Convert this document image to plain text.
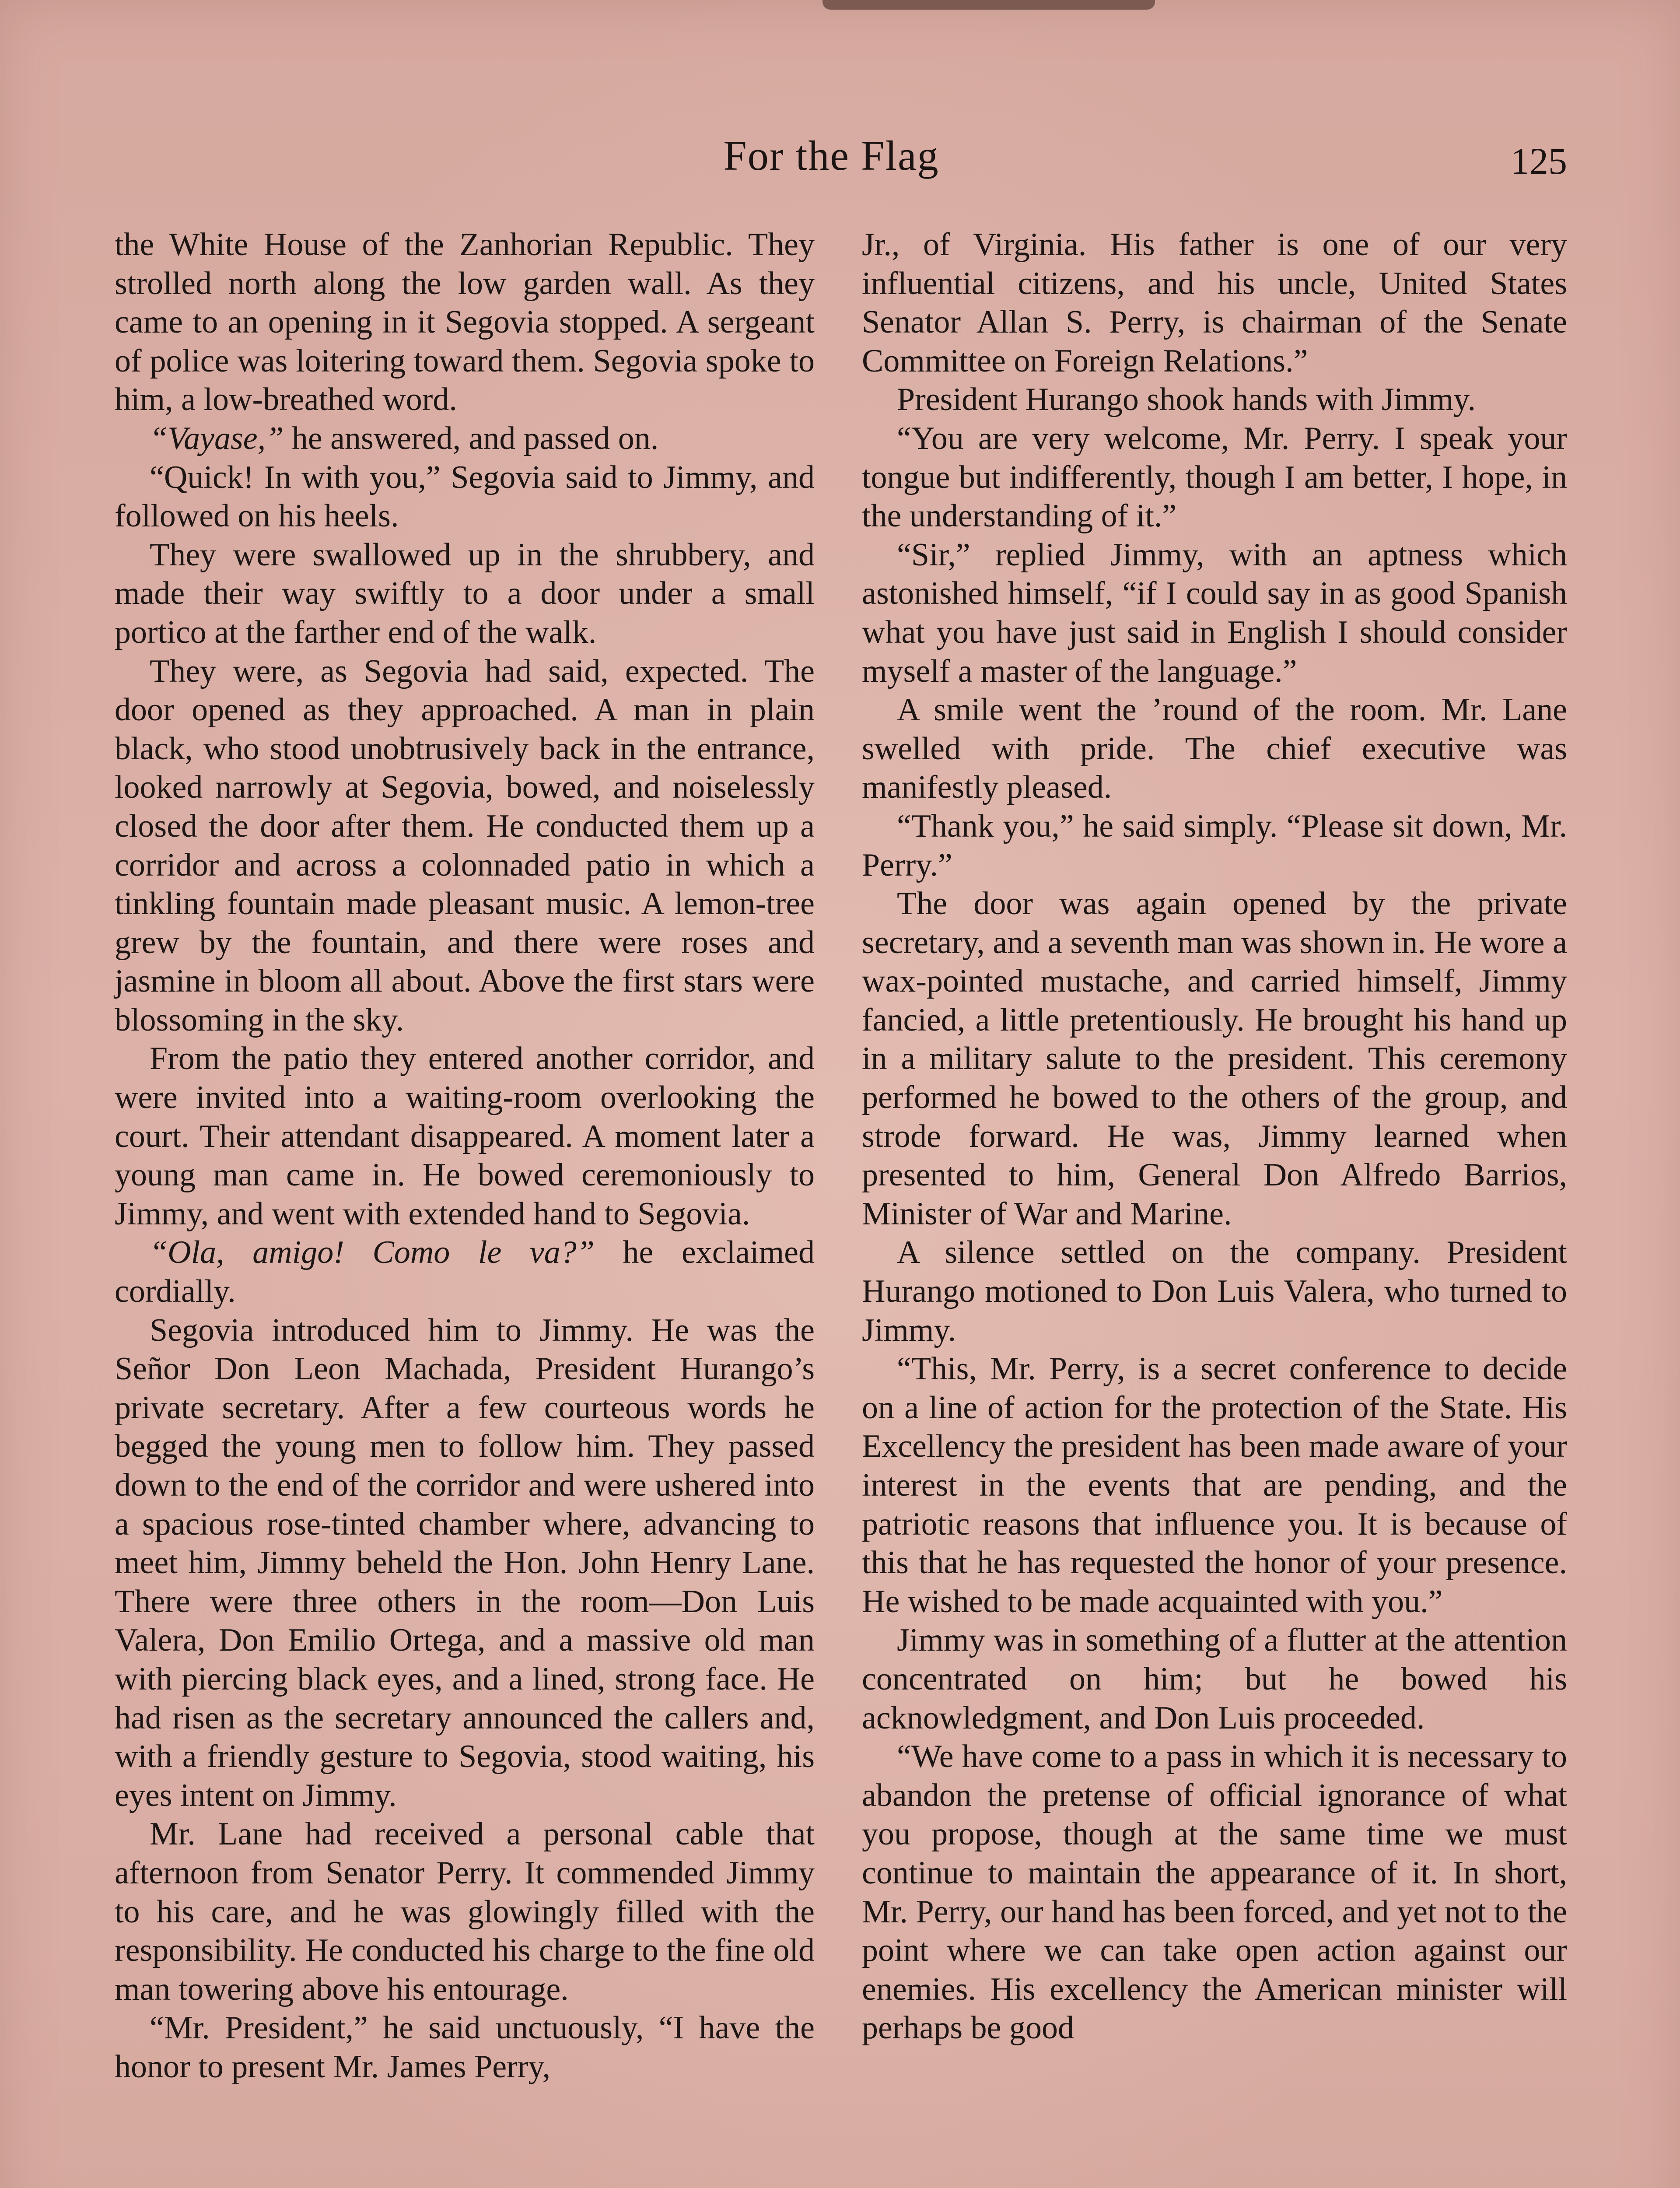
For the Flag	125

the White House of the Zanhorian Republic. They strolled north along the low garden wall. As they came to an opening in it Segovia stopped. A sergeant of police was loitering toward them. Segovia spoke to him, a low-breathed word.

“Vayase,” he answered, and passed on.

“Quick! In with you,” Segovia said to Jimmy, and followed on his heels.

They were swallowed up in the shrubbery, and made their way swiftly to a door under a small portico at the farther end of the walk.

They were, as Segovia had said, expected. The door opened as they approached. A man in plain black, who stood unobtrusively back in the entrance, looked narrowly at Segovia, bowed, and noiselessly closed the door after them. He conducted them up a corridor and across a colonnaded patio in which a tinkling fountain made pleasant music. A lemon-tree grew by the fountain, and there were roses and jasmine in bloom all about. Above the first stars were blossoming in the sky.

From the patio they entered another corridor, and were invited into a waiting-room overlooking the court. Their attendant disappeared. A moment later a young man came in. He bowed ceremoniously to Jimmy, and went with extended hand to Segovia.

“Ola, amigo! Como le va?” he exclaimed cordially.

Segovia introduced him to Jimmy. He was the Señor Don Leon Machada, President Hurango’s private secretary. After a few courteous words he begged the young men to follow him. They passed down to the end of the corridor and were ushered into a spacious rose-tinted chamber where, advancing to meet him, Jimmy beheld the Hon. John Henry Lane. There were three others in the room—Don Luis Valera, Don Emilio Ortega, and a massive old man with piercing black eyes, and a lined, strong face. He had risen as the secretary announced the callers and, with a friendly gesture to Segovia, stood waiting, his eyes intent on Jimmy.

Mr. Lane had received a personal cable that afternoon from Senator Perry. It commended Jimmy to his care, and he was glowingly filled with the responsibility. He conducted his charge to the fine old man towering above his entourage.

“Mr. President,” he said unctuously, “I have the honor to present Mr. James Perry,

Jr., of Virginia. His father is one of our very influential citizens, and his uncle, United States Senator Allan S. Perry, is chairman of the Senate Committee on Foreign Relations.”

President Hurango shook hands with Jimmy.

“You are very welcome, Mr. Perry. I speak your tongue but indifferently, though I am better, I hope, in the understanding of it.”

“Sir,” replied Jimmy, with an aptness which astonished himself, “if I could say in as good Spanish what you have just said in English I should consider myself a master of the language.”

A smile went the ’round of the room. Mr. Lane swelled with pride. The chief executive was manifestly pleased.

“Thank you,” he said simply. “Please sit down, Mr. Perry.”

The door was again opened by the private secretary, and a seventh man was shown in. He wore a wax-pointed mustache, and carried himself, Jimmy fancied, a little pretentiously. He brought his hand up in a military salute to the president. This ceremony performed he bowed to the others of the group, and strode forward. He was, Jimmy learned when presented to him, General Don Alfredo Barrios, Minister of War and Marine.

A silence settled on the company. President Hurango motioned to Don Luis Valera, who turned to Jimmy.

“This, Mr. Perry, is a secret conference to decide on a line of action for the protection of the State. His Excellency the president has been made aware of your interest in the events that are pending, and the patriotic reasons that influence you. It is because of this that he has requested the honor of your presence. He wished to be made acquainted with you.”

Jimmy was in something of a flutter at the attention concentrated on him; but he bowed his acknowledgment, and Don Luis proceeded.

“We have come to a pass in which it is necessary to abandon the pretense of official ignorance of what you propose, though at the same time we must continue to maintain the appearance of it. In short, Mr. Perry, our hand has been forced, and yet not to the point where we can take open action against our enemies. His excellency the American minister will perhaps be good
